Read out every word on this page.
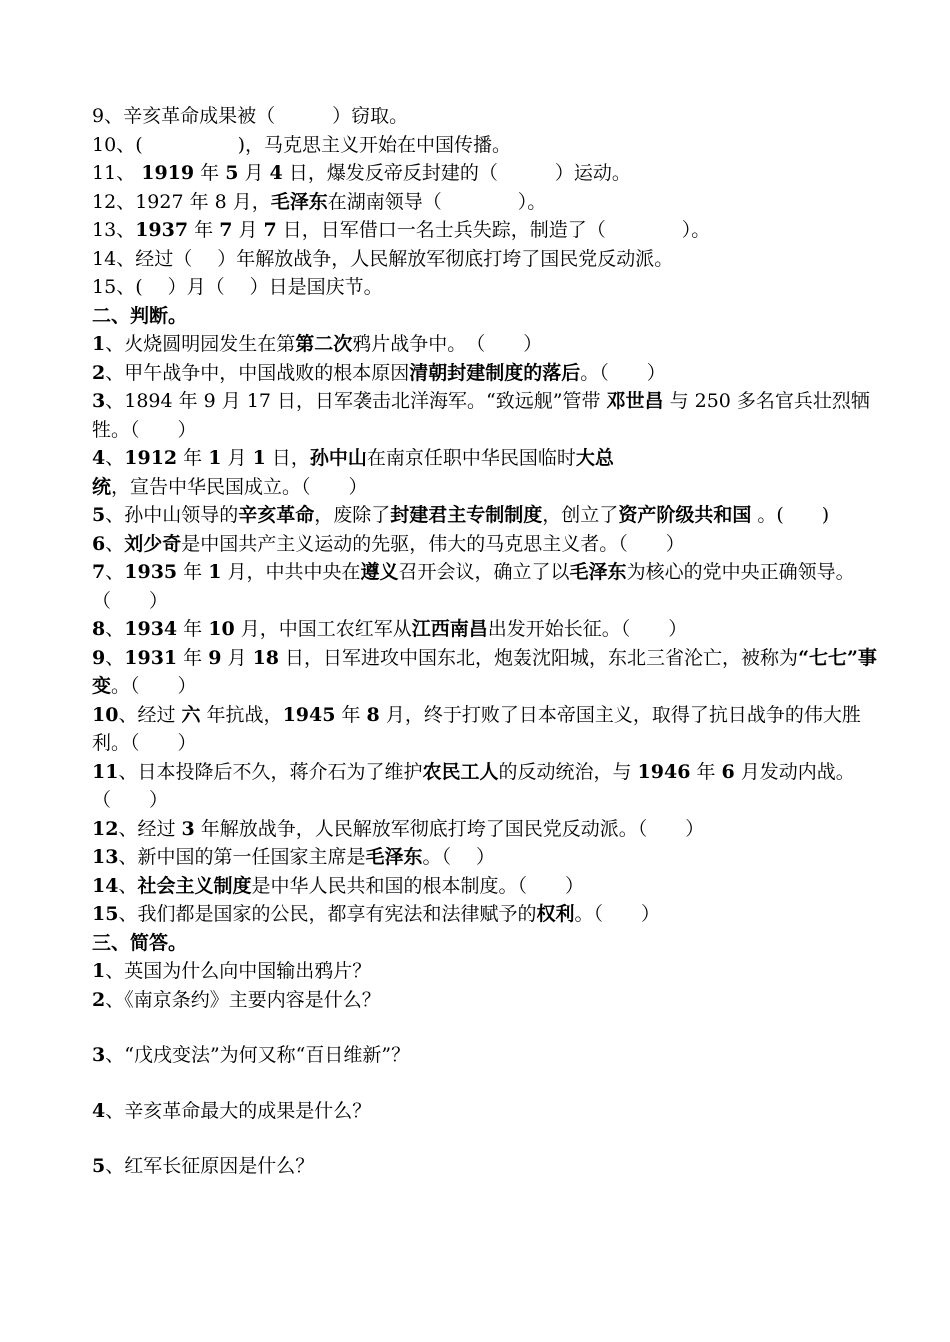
9、辛亥革命成果被（　　　）窃取。
10、(　　　　　)，马克思主义开始在中国传播。
11、 1919 年 5 月 4 日，爆发反帝反封建的（　　　）运动。
12、1927 年 8 月，毛泽东在湖南领导（　　　　）。
13、1937 年 7 月 7 日，日军借口一名士兵失踪，制造了（　　　　）。
14、经过（　 ）年解放战争，人民解放军彻底打垮了国民党反动派。
15、(　 ）月（　 ）日是国庆节。
二、判断。
1、火烧圆明园发生在第第二次鸦片战争中。　（　　）
2、甲午战争中，中国战败的根本原因清朝封建制度的落后。（　　）
3、1894 年 9 月 17 日，日军袭击北洋海军。“致远舰”管带 邓世昌 与 250 多名官兵壮烈牺牲。（　　）
4、1912 年 1 月 1 日，孙中山在南京任职中华民国临时大总统，宣告中华民国成立。（　　）
5、孙中山领导的辛亥革命，废除了封建君主专制制度，创立了资产阶级共和国 。(　　)
6、刘少奇是中国共产主义运动的先驱，伟大的马克思主义者。（　　）
7、1935 年 1 月，中共中央在遵义召开会议，确立了以毛泽东为核心的党中央正确领导。（　　）
8、1934 年 10 月，中国工农红军从江西南昌出发开始长征。（　　）
9、1931 年 9 月 18 日，日军进攻中国东北，炮轰沈阳城，东北三省沦亡，被称为“七七”事变。（　　）
10、经过 六 年抗战，1945 年 8 月，终于打败了日本帝国主义，取得了抗日战争的伟大胜利。（　　）
11、日本投降后不久，蒋介石为了维护农民工人的反动统治，与 1946 年 6 月发动内战。（　　）
12、经过 3 年解放战争，人民解放军彻底打垮了国民党反动派。（　　）
13、新中国的第一任国家主席是毛泽东。（　 ）
14、社会主义制度是中华人民共和国的根本制度。（　　）
15、我们都是国家的公民，都享有宪法和法律赋予的权利。（　　）
三、简答。
1、英国为什么向中国输出鸦片？
2、《南京条约》主要内容是什么？
3、“戊戌变法”为何又称“百日维新”？
4、辛亥革命最大的成果是什么？
5、红军长征原因是什么？
